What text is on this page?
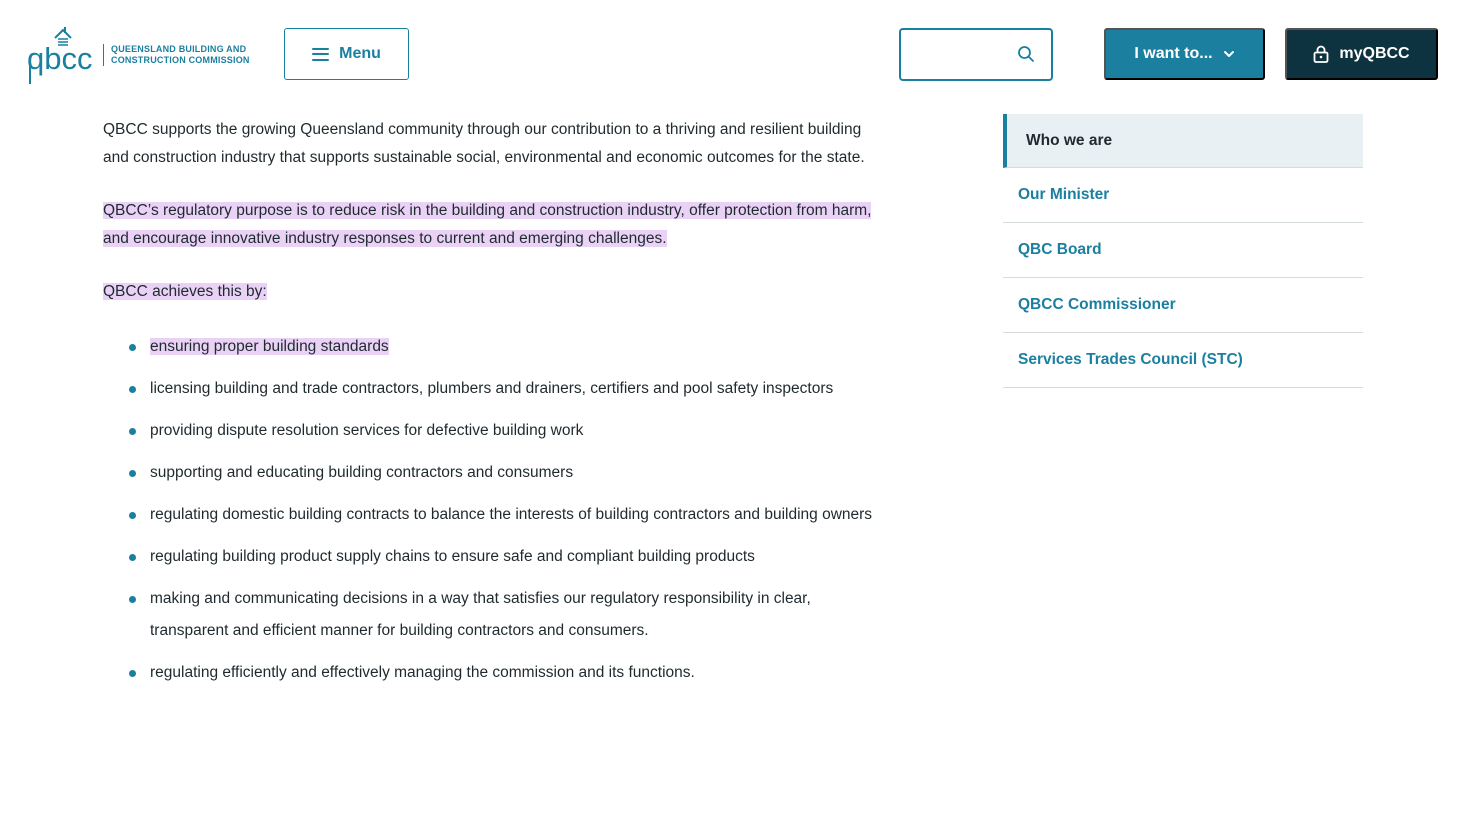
qbcc QUEENSLAND BUILDING AND
CONSTRUCTION COMMISSION	Menu	I want to...	myQBCC

QBCC supports the growing Queensland community through our contribution to a thriving and resilient building and construction industry that supports sustainable social, environmental and economic outcomes for the state.

QBCC’s regulatory purpose is to reduce risk in the building and construction industry, offer protection from harm, and encourage innovative industry responses to current and emerging challenges.

QBCC achieves this by:

ensuring proper building standards
licensing building and trade contractors, plumbers and drainers, certifiers and pool safety inspectors
providing dispute resolution services for defective building work
supporting and educating building contractors and consumers
regulating domestic building contracts to balance the interests of building contractors and building owners
regulating building product supply chains to ensure safe and compliant building products
making and communicating decisions in a way that satisfies our regulatory responsibility in clear, transparent and efficient manner for building contractors and consumers.
regulating efficiently and effectively managing the commission and its functions.
Who we are
Our Minister
QBC Board
QBCC Commissioner
Services Trades Council (STC)
